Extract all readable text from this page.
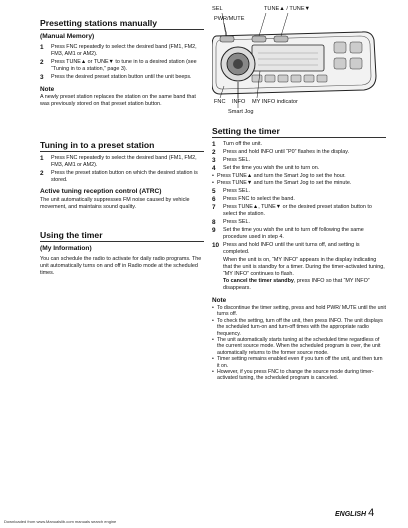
Presetting stations manually
(Manual Memory)
1	Press FNC repeatedly to select the desired band (FM1, FM2, FM3, AM1 or AM2).
2	Press TUNE▲ or TUNE▼ to tune in to a desired station (see “Tuning in to a station,” page 3).
3	Press the desired preset station button until the unit beeps.
Note
A newly preset station replaces the station on the same band that was previously stored on that preset station button.
Tuning in to a preset station
1	Press FNC repeatedly to select the desired band (FM1, FM2, FM3, AM1 or AM2).
2	Press the preset station button on which the desired station is stored.
Active tuning reception control (ATRC)
The unit automatically suppresses FM noise caused by vehicle movement, and maintains sound quality.
Using the timer
(My Information)
You can schedule the radio to activate for daily radio programs. The unit automatically turns on and off in Radio mode at the scheduled times.
SEL	TUNE▲ / TUNE▼
PWR/MUTE
FNC INFO MY INFO indicator
Smart Jog
Setting the timer
1	Turn off the unit.
2	Press and hold INFO until “P0” flashes in the display.
3	Press SEL.
4	Set the time you wish the unit to turn on.
• Press TUNE▲ and turn the Smart Jog to set the hour.
• Press TUNE▼ and turn the Smart Jog to set the minute.
5	Press SEL.
6	Press FNC to select the band.
7	Press TUNE▲, TUNE▼ or the desired preset station button to select the station.
8	Press SEL.
9	Set the time you wish the unit to turn off following the same procedure used in step 4.
10 Press and hold INFO until the unit turns off, and setting is completed.
When the unit is on, “MY INFO” appears in the display indicating that the unit is standby for a timer. During the timer-activated tuning, “MY INFO” continues to flash.
To cancel the timer standby, press INFO so that “MY INFO” disappears.
Note
• To discontinue the timer setting, press and hold PWR/ MUTE until the unit turns off.
• To check the setting, turn off the unit, then press INFO. The unit displays the scheduled turn-on and turn-off times with the appropriate radio frequency.
• The unit automatically starts tuning at the scheduled time regardless of the current source mode. When the scheduled program is over, the unit automatically returns to the former source mode.
• Timer setting remains enabled even if you turn off the unit, and then turn it on.
• However, if you press FNC to change the source mode during timer-activated tuning, the scheduled program is canceled.
ENGLISH 4
Downloaded from www.Manualslib.com manuals search engine
